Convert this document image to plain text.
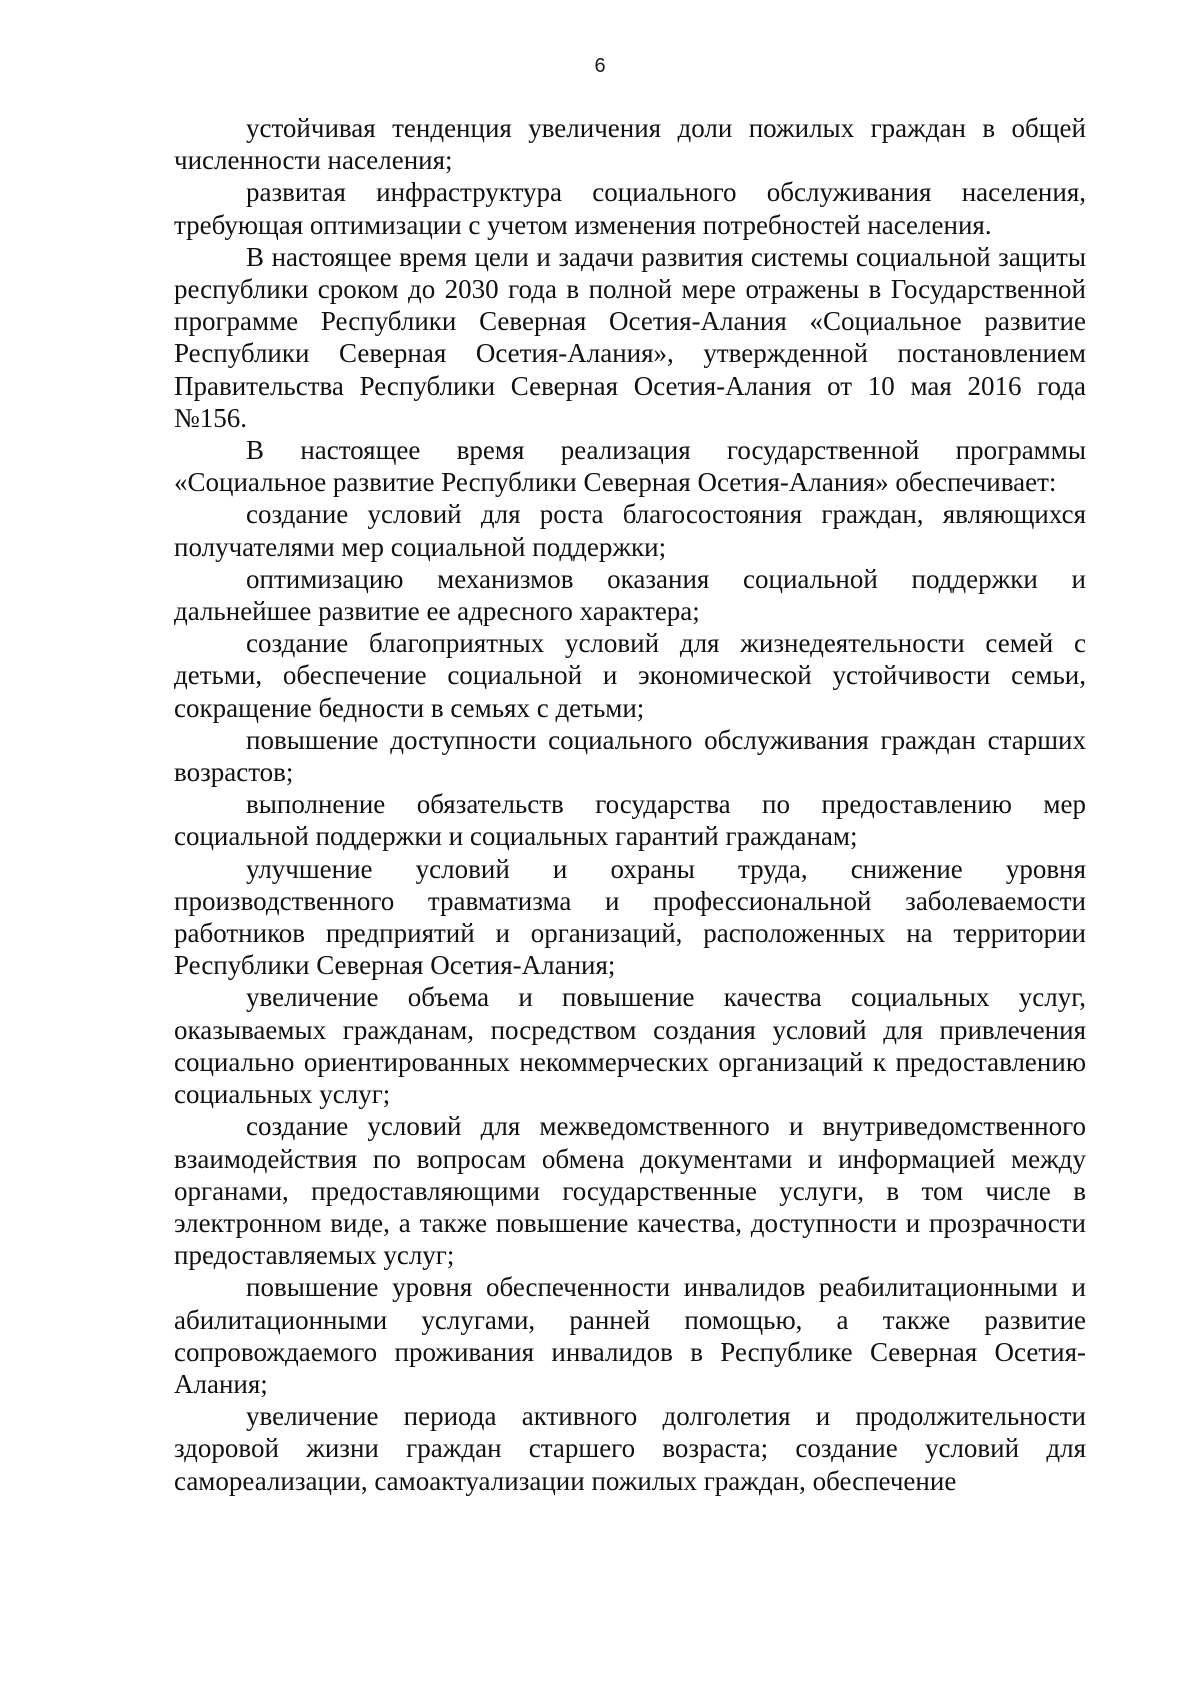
6

устойчивая тенденция увеличения доли пожилых граждан в общей численности населения;

развитая инфраструктура социального обслуживания населения, требующая оптимизации с учетом изменения потребностей населения.

В настоящее время цели и задачи развития системы социальной защиты республики сроком до 2030 года в полной мере отражены в Государственной программе Республики Северная Осетия-Алания «Социальное развитие Республики Северная Осетия-Алания», утвержденной постановлением Правительства Республики Северная Осетия-Алания от 10 мая 2016 года №156.

В настоящее время реализация государственной программы «Социальное развитие Республики Северная Осетия-Алания» обеспечивает:

создание условий для роста благосостояния граждан, являющихся получателями мер социальной поддержки;

оптимизацию механизмов оказания социальной поддержки и дальнейшее развитие ее адресного характера;

создание благоприятных условий для жизнедеятельности семей с детьми, обеспечение социальной и экономической устойчивости семьи, сокращение бедности в семьях с детьми;

повышение доступности социального обслуживания граждан старших возрастов;

выполнение обязательств государства по предоставлению мер социальной поддержки и социальных гарантий гражданам;

улучшение условий и охраны труда, снижение уровня производственного травматизма и профессиональной заболеваемости работников предприятий и организаций, расположенных на территории Республики Северная Осетия-Алания;

увеличение объема и повышение качества социальных услуг, оказываемых гражданам, посредством создания условий для привлечения социально ориентированных некоммерческих организаций к предоставлению социальных услуг;

создание условий для межведомственного и внутриведомственного взаимодействия по вопросам обмена документами и информацией между органами, предоставляющими государственные услуги, в том числе в электронном виде, а также повышение качества, доступности и прозрачности предоставляемых услуг;

повышение уровня обеспеченности инвалидов реабилитационными и абилитационными услугами, ранней помощью, а также развитие сопровождаемого проживания инвалидов в Республике Северная Осетия-Алания;

увеличение периода активного долголетия и продолжительности здоровой жизни граждан старшего возраста; создание условий для самореализации, самоактуализации пожилых граждан, обеспечение
